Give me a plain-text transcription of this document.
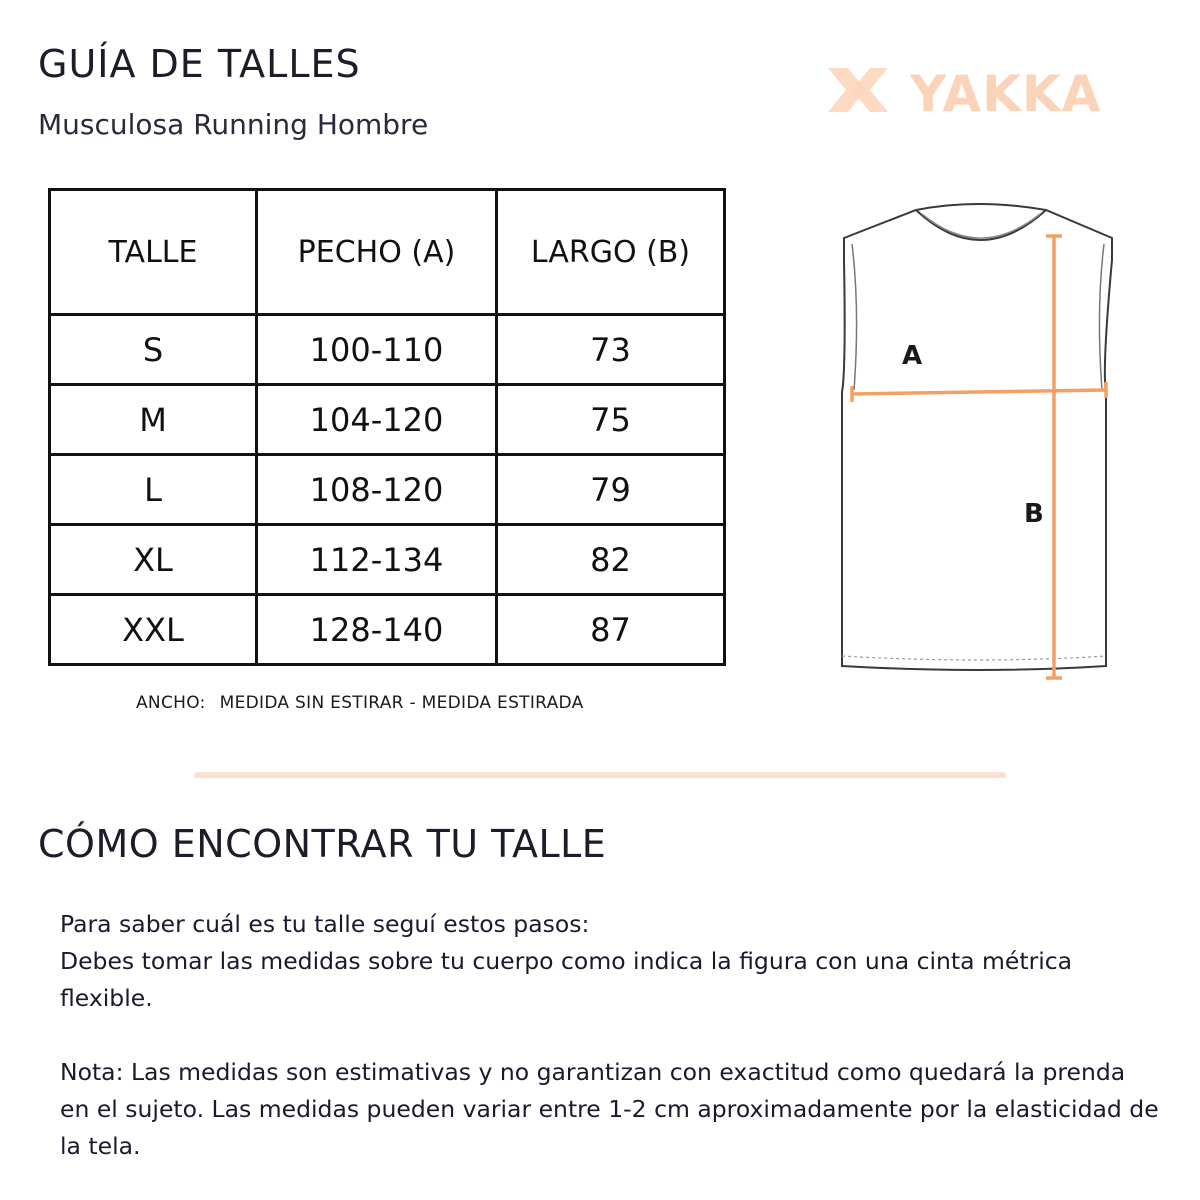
GUÍA DE TALLES

Musculosa Running Hombre

YAKKA
TALLE	PECHO (A)	LARGO (B)
S	100-110	73
M	104-120	75
L	108-120	79
XL	112-134	82
XXL	128-140	87
ANCHO: MEDIDA SIN ESTIRAR - MEDIDA ESTIRADA
A
B
CÓMO ENCONTRAR TU TALLE

Para saber cuál es tu talle seguí estos pasos:

Debes tomar las medidas sobre tu cuerpo como indica la figura con una cinta métrica flexible.

Nota: Las medidas son estimativas y no garantizan con exactitud como quedará la prenda en el sujeto. Las medidas pueden variar entre 1-2 cm aproximadamente por la elasticidad de la tela.
